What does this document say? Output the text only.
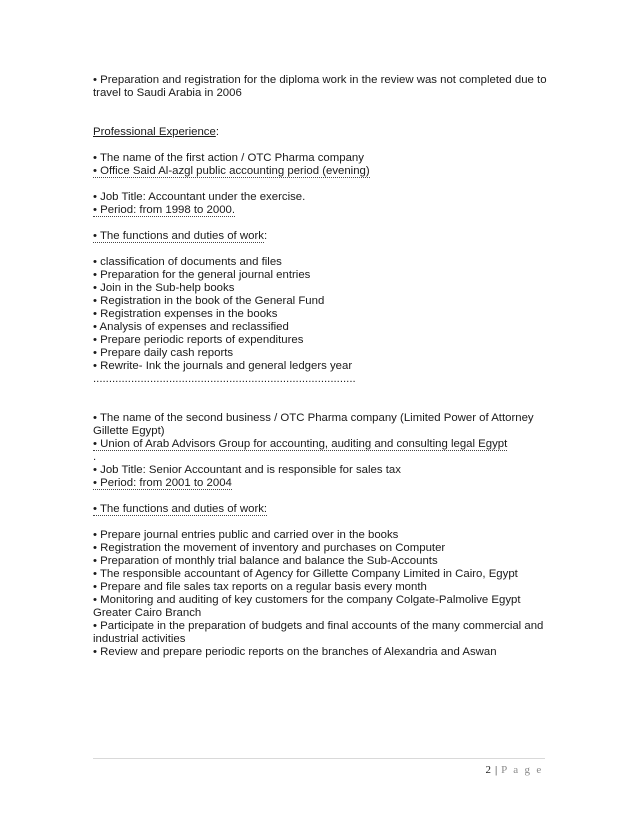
• Preparation and registration for the diploma work in the review was not completed due to travel to Saudi Arabia in 2006

Professional Experience:

• The name of the first action / OTC Pharma company

• Office Said Al-azgl public accounting period (evening)

• Job Title: Accountant under the exercise.

• Period: from 1998 to 2000.

• The functions and duties of work:

• classification of documents and files

• Preparation for the general journal entries

• Join in the Sub-help books

• Registration in the book of the General Fund

• Registration expenses in the books

• Analysis of expenses and reclassified

• Prepare periodic reports of expenditures

• Prepare daily cash reports

• Rewrite- Ink the journals and general ledgers year

...................................................................................

• The name of the second business / OTC Pharma company (Limited Power of Attorney Gillette Egypt)

• Union of Arab Advisors Group for accounting, auditing and consulting legal Egypt

.

• Job Title: Senior Accountant and is responsible for sales tax

• Period: from 2001 to 2004

• The functions and duties of work:

• Prepare journal entries public and carried over in the books

• Registration the movement of inventory and purchases on Computer

• Preparation of monthly trial balance and balance the Sub-Accounts

• The responsible accountant of Agency for Gillette Company Limited in Cairo, Egypt

• Prepare and file sales tax reports on a regular basis every month

• Monitoring and auditing of key customers for the company Colgate-Palmolive Egypt Greater Cairo Branch

• Participate in the preparation of budgets and final accounts of the many commercial and industrial activities

• Review and prepare periodic reports on the branches of Alexandria and Aswan

2 | P a g e
